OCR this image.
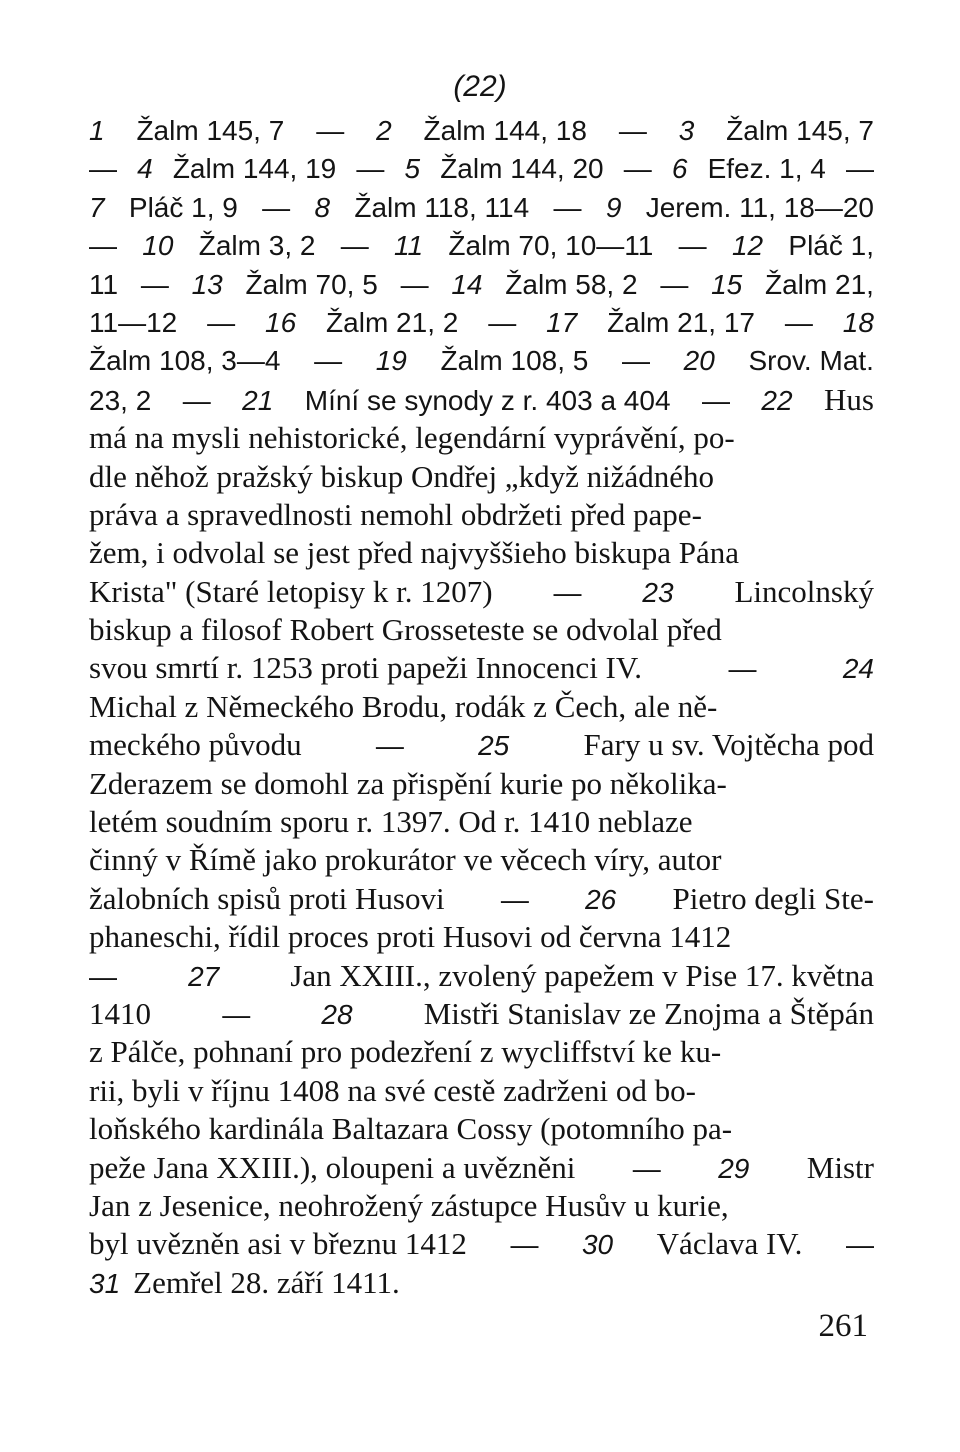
(22)
1 Žalm 145, 7 — 2 Žalm 144, 18 — 3 Žalm 145, 7
— 4 Žalm 144, 19 — 5 Žalm 144, 20 — 6 Efez. 1, 4 —
7 Pláč 1, 9 — 8 Žalm 118, 114 — 9 Jerem. 11, 18—20
— 10 Žalm 3, 2 — 11 Žalm 70, 10—11 — 12 Pláč 1,
11 — 13 Žalm 70, 5 — 14 Žalm 58, 2 — 15 Žalm 21,
11—12 — 16 Žalm 21, 2 — 17 Žalm 21, 17 — 18
Žalm 108, 3—4 — 19 Žalm 108, 5 — 20 Srov. Mat.
23, 2 — 21 Míní se synody z r. 403 a 404 — 22 Hus
má na mysli nehistorické, legendární vyprávění, po-
dle něhož pražský biskup Ondřej „když nižádného
práva a spravedlnosti nemohl obdržeti před pape-
žem, i odvolal se jest před najvyššieho biskupa Pána
Krista" (Staré letopisy k r. 1207) — 23 Lincolnský
biskup a filosof Robert Grosseteste se odvolal před
svou smrtí r. 1253 proti papeži Innocenci IV.	—	24
Michal z Německého Brodu, rodák z Čech, ale ně-
meckého původu	—	25 Fary u sv. Vojtěcha pod
Zderazem se domohl za přispění kurie po několika-
letém soudním sporu r. 1397. Od r. 1410 neblaze
činný v Římě jako prokurátor ve věcech víry, autor
žalobních spisů proti Husovi — 26 Pietro degli Ste-
phaneschi, řídil proces proti Husovi od června 1412
—	27 Jan XXIII., zvolený papežem v Pise 17. května
1410	—	28 Mistři Stanislav ze Znojma a Štěpán
z Pálče, pohnaní pro podezření z wycliffství ke ku-
rii, byli v říjnu 1408 na své cestě zadrženi od bo-
loňského kardinála Baltazara Cossy (potomního pa-
peže Jana XXIII.), oloupeni a uvězněni — 29 Mistr
Jan z Jesenice, neohrožený zástupce Husův u kurie,
byl uvězněn asi v březnu 1412 — 30 Václava IV. —
31 Zemřel 28. září 1411.
261
